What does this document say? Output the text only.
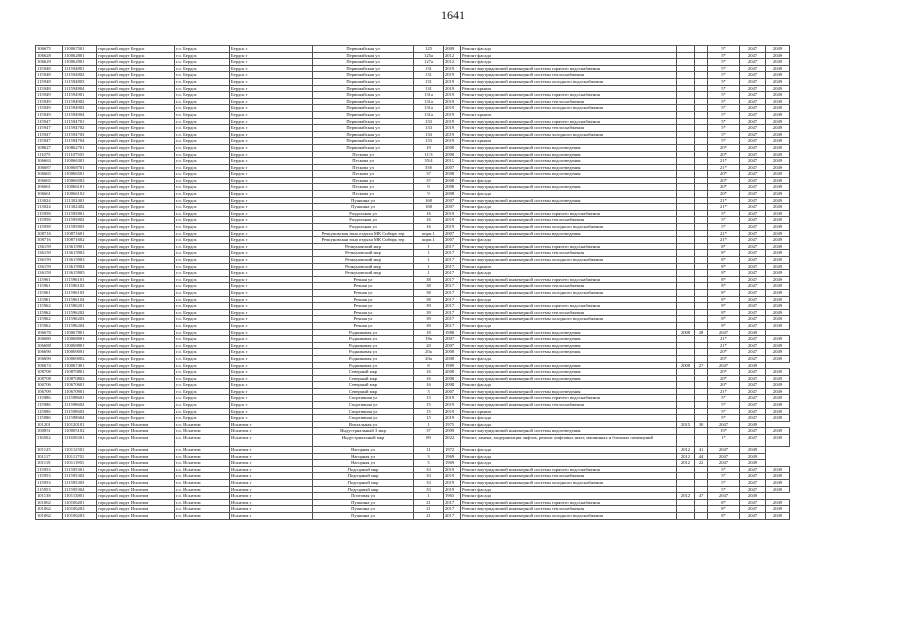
1641
106675	110067501	городской округ Бердск	г.о. Бердск	Бердск г	Первомайская ул	125	2009	Ремонт фасада			5*	2047	2049
106628	110062801	городской округ Бердск	г.о. Бердск	Бердск г	Первомайская ул	125а	2012	Ремонт фасада			5*	2047	2049
106629	110062901	городской округ Бердск	г.о. Бердск	Бердск г	Первомайская ул	127а	2012	Ремонт фасада			5*	2047	2049
115948	111594801	городской округ Бердск	г.о. Бердск	Бердск г	Первомайская ул	131	2019	Ремонт внутридомовой инженерной системы горячего водоснабжения			5*	2047	2049
115948	111594802	городской округ Бердск	г.о. Бердск	Бердск г	Первомайская ул	131	2019	Ремонт внутридомовой инженерной системы теплоснабжения			5*	2047	2049
115948	111594803	городской округ Бердск	г.о. Бердск	Бердск г	Первомайская ул	131	2019	Ремонт внутридомовой инженерной системы холодного водоснабжения			5*	2047	2049
115948	111594804	городской округ Бердск	г.о. Бердск	Бердск г	Первомайская ул	131	2019	Ремонт крыши			5*	2047	2049
115949	111594901	городской округ Бердск	г.о. Бердск	Бердск г	Первомайская ул	131а	2019	Ремонт внутридомовой инженерной системы горячего водоснабжения			5*	2047	2049
115949	111594902	городской округ Бердск	г.о. Бердск	Бердск г	Первомайская ул	131а	2019	Ремонт внутридомовой инженерной системы теплоснабжения			5*	2047	2049
115949	111594903	городской округ Бердск	г.о. Бердск	Бердск г	Первомайская ул	131а	2019	Ремонт внутридомовой инженерной системы холодного водоснабжения			5*	2047	2049
115949	111594904	городской округ Бердск	г.о. Бердск	Бердск г	Первомайская ул	131а	2019	Ремонт крыши			5*	2047	2049
115947	111594701	городской округ Бердск	г.о. Бердск	Бердск г	Первомайская ул	133	2019	Ремонт внутридомовой инженерной системы горячего водоснабжения			5*	2047	2049
115947	111594702	городской округ Бердск	г.о. Бердск	Бердск г	Первомайская ул	133	2019	Ремонт внутридомовой инженерной системы теплоснабжения			5*	2047	2049
115947	111594703	городской округ Бердск	г.о. Бердск	Бердск г	Первомайская ул	133	2019	Ремонт внутридомовой инженерной системы холодного водоснабжения			5*	2047	2049
115947	111594704	городской округ Бердск	г.о. Бердск	Бердск г	Первомайская ул	133	2019	Ремонт крыши			5*	2047	2049
108627	110862701	городской округ Бердск	г.о. Бердск	Бердск г	Первомайская ул	19	2008	Ремонт внутридомовой инженерной системы водоотведения			20*	2047	2049
111075	111107501	городской округ Бердск	г.о. Бердск	Бердск г	Пескова ул	11/3	2008	Ремонт внутридомовой инженерной системы водоотведения			20*	2047	2049
106663	110066301	городской округ Бердск	г.о. Бердск	Бердск г	Пескова ул	35/4	2011	Ремонт внутридомовой инженерной системы водоотведения			21*	2047	2049
106687	110068701	городской округ Бердск	г.о. Бердск	Бердск г	Пескова ул	35б	2007	Ремонт внутридомовой инженерной системы водоотведения			21*	2047	2049
106665	110066501	городской округ Бердск	г.о. Бердск	Бердск г	Пескова ул	37	2008	Ремонт внутридомовой инженерной системы водоотведения			20*	2047	2049
106665	110066502	городской округ Бердск	г.о. Бердск	Бердск г	Пескова ул	37	2008	Ремонт фасада			20*	2047	2049
106661	110066101	городской округ Бердск	г.о. Бердск	Бердск г	Пескова ул	9	2008	Ремонт внутридомовой инженерной системы водоотведения			20*	2047	2049
106661	110066102	городской округ Бердск	г.о. Бердск	Бердск г	Пескова ул	9	2008	Ремонт фасада			20*	2047	2049
113024	111302401	городской округ Бердск	г.о. Бердск	Бердск г	Пушкина ул	168	2007	Ремонт внутридомовой инженерной системы водоотведения			21*	2047	2049
113024	111302402	городской округ Бердск	г.о. Бердск	Бердск г	Пушкина ул	168	2007	Ремонт фасада			21*	2047	2049
115958	111595801	городской округ Бердск	г.о. Бердск	Бердск г	Раздольная ул	16	2019	Ремонт внутридомовой инженерной системы горячего водоснабжения			5*	2047	2049
115958	111595802	городской округ Бердск	г.о. Бердск	Бердск г	Раздольная ул	16	2019	Ремонт внутридомовой инженерной системы теплоснабжения			5*	2047	2049
115958	111595803	городской округ Бердск	г.о. Бердск	Бердск г	Раздольная ул	16	2019	Ремонт внутридомовой инженерной системы холодного водоснабжения			5*	2047	2049
108716	110871601	городской округ Бердск	г.о. Бердск	Бердск г	Речкуновская зона отдыха МК Сибирь тер	корп.1	2007	Ремонт внутридомовой инженерной системы водоотведения			21*	2047	2049
108716	110871602	городской округ Бердск	г.о. Бердск	Бердск г	Речкуновская зона отдыха МК Сибирь тер	корп.1	2007	Ремонт фасада			21*	2047	2049
136159	113615901	городской округ Бердск	г.о. Бердск	Бердск г	Речкуновский мкр	1	2017	Ремонт внутридомовой инженерной системы горячего водоснабжения			8*	2047	2049
136159	113615902	городской округ Бердск	г.о. Бердск	Бердск г	Речкуновский мкр	1	2017	Ремонт внутридомовой инженерной системы теплоснабжения			8*	2047	2049
136159	113615903	городской округ Бердск	г.о. Бердск	Бердск г	Речкуновский мкр	1	2017	Ремонт внутридомовой инженерной системы холодного водоснабжения			8*	2047	2049
136159	113615904	городской округ Бердск	г.о. Бердск	Бердск г	Речкуновский мкр	1	2017	Ремонт крыши			8*	2047	2049
136159	113615905	городской округ Бердск	г.о. Бердск	Бердск г	Речкуновский мкр	1	2017	Ремонт фасада			8*	2047	2049
115961	111596101	городской округ Бердск	г.о. Бердск	Бердск г	Речная ул	38	2017	Ремонт внутридомовой инженерной системы горячего водоснабжения			8*	2047	2049
115961	111596102	городской округ Бердск	г.о. Бердск	Бердск г	Речная ул	38	2017	Ремонт внутридомовой инженерной системы теплоснабжения			8*	2047	2049
115961	111596103	городской округ Бердск	г.о. Бердск	Бердск г	Речная ул	38	2017	Ремонт внутридомовой инженерной системы холодного водоснабжения			8*	2047	2049
115961	111596104	городской округ Бердск	г.о. Бердск	Бердск г	Речная ул	38	2017	Ремонт фасада			8*	2047	2049
115962	111596201	городской округ Бердск	г.о. Бердск	Бердск г	Речная ул	39	2017	Ремонт внутридомовой инженерной системы горячего водоснабжения			8*	2047	2049
115962	111596202	городской округ Бердск	г.о. Бердск	Бердск г	Речная ул	39	2017	Ремонт внутридомовой инженерной системы теплоснабжения			8*	2047	2049
115962	111596203	городской округ Бердск	г.о. Бердск	Бердск г	Речная ул	39	2017	Ремонт внутридомовой инженерной системы холодного водоснабжения			8*	2047	2049
115962	111596204	городской округ Бердск	г.о. Бердск	Бердск г	Речная ул	39	2017	Ремонт фасада			8*	2047	2049
106678	110067801	городской округ Бердск	г.о. Бердск	Бердск г	Родниковая ул	18	1988	Ремонт внутридомовой инженерной системы водоотведения	2008	28	2047	2049	
106680	110068001	городской округ Бердск	г.о. Бердск	Бердск г	Родниковая ул	18а	2007	Ремонт внутридомовой инженерной системы водоотведения			21*	2047	2049
106688	110068801	городской округ Бердск	г.о. Бердск	Бердск г	Родниковая ул	20	2007	Ремонт внутридомовой инженерной системы водоотведения			21*	2047	2049
106690	110069001	городской округ Бердск	г.о. Бердск	Бердск г	Родниковая ул	20а	2008	Ремонт внутридомовой инженерной системы водоотведения			20*	2047	2049
106690	110069002	городской округ Бердск	г.о. Бердск	Бердск г	Родниковая ул	20а	2008	Ремонт фасада			20*	2047	2049
106674	110067401	городской округ Бердск	г.о. Бердск	Бердск г	Родниковая ул	8	1989	Ремонт внутридомовой инженерной системы водоотведения	2008	27	2047	2049	
108708	110870801	городской округ Бердск	г.о. Бердск	Бердск г	Северный мкр	16	2008	Ремонт внутридомовой инженерной системы водоотведения			20*	2047	2049
108708	110870802	городской округ Бердск	г.о. Бердск	Бердск г	Северный мкр	16	2008	Ремонт внутридомовой инженерной системы водоотведения			20*	2047	2049
106706	110670601	городской округ Бердск	г.о. Бердск	Бердск г	Северный мкр	16	2008	Ремонт фасада			20*	2047	2049
106709	110670901	городской округ Бердск	г.о. Бердск	Бердск г	Северный мкр	3	2007	Ремонт внутридомовой инженерной системы водоотведения			21*	2047	2049
115986	111598601	городской округ Бердск	г.о. Бердск	Бердск г	Спортивная ул	15	2019	Ремонт внутридомовой инженерной системы горячего водоснабжения			5*	2047	2049
115986	111598602	городской округ Бердск	г.о. Бердск	Бердск г	Спортивная ул	15	2019	Ремонт внутридомовой инженерной системы теплоснабжения			5*	2047	2049
115986	111598603	городской округ Бердск	г.о. Бердск	Бердск г	Спортивная ул	15	2019	Ремонт крыши			5*	2047	2049
115986	111598604	городской округ Бердск	г.о. Бердск	Бердск г	Спортивная ул	15	2019	Ремонт фасада			5*	2047	2049
101201	110120101	городской округ Искитим	г.о. Искитим	Искитим г	Вокзальная ул	1	1975	Ремонт фасада	2015	30	2047	2049	
100051	110005102	городской округ Искитим	г.о. Искитим	Искитим г	Индустриальный 3 мкр	37	2009	Ремонт внутридомовой инженерной системы водоотведения			19*	2047	2049
116502	111650201	городской округ Искитим	г.о. Искитим	Искитим г	Индустриальный мкр	89	2022	Ремонт, замена, модернизация лифтов, ремонт лифтовых шахт, машинных и блочных помещений			1*	2047	2049
101125	110112501	городской округ Искитим	г.о. Искитим	Искитим г	Нагорная ул	11	1972	Ремонт фасада	2012	41	2047	2049	
101117	110111701	городской округ Искитим	г.о. Искитим	Искитим г	Нагорная ул	3	1969	Ремонт фасада	2012	44	2047	2049	
101119	110111901	городской округ Искитим	г.о. Искитим	Искитим г	Нагорная ул	5	1969	Ремонт фасада	2012	22	2047	2049	
115953	111595301	городской округ Искитим	г.о. Искитим	Искитим г	Подгорный мкр	33	2019	Ремонт внутридомовой инженерной системы горячего водоснабжения			5*	2047	2049
115953	111595302	городской округ Искитим	г.о. Искитим	Искитим г	Подгорный мкр	33	2019	Ремонт внутридомовой инженерной системы теплоснабжения			5*	2047	2049
115953	111595303	городской округ Искитим	г.о. Искитим	Искитим г	Подгорный мкр	33	2019	Ремонт внутридомовой инженерной системы холодного водоснабжения			5*	2047	2049
115953	111595304	городской округ Искитим	г.о. Искитим	Искитим г	Подгорный мкр	33	2019	Ремонт фасада			5*	2047	2049
101138	110113801	городской округ Искитим	г.о. Искитим	Искитим г	Почтовая ул	1	1965	Ремонт фасада	2012	47	2047	2049	
101062	110106201	городской округ Искитим	г.о. Искитим	Искитим г	Пушкина ул	21	2017	Ремонт внутридомовой инженерной системы горячего водоснабжения			8*	2047	2049
101062	110106202	городской округ Искитим	г.о. Искитим	Искитим г	Пушкина ул	21	2017	Ремонт внутридомовой инженерной системы теплоснабжения			8*	2047	2049
101062	110106203	городской округ Искитим	г.о. Искитим	Искитим г	Пушкина ул	21	2017	Ремонт внутридомовой инженерной системы холодного водоснабжения			8*	2047	2049
